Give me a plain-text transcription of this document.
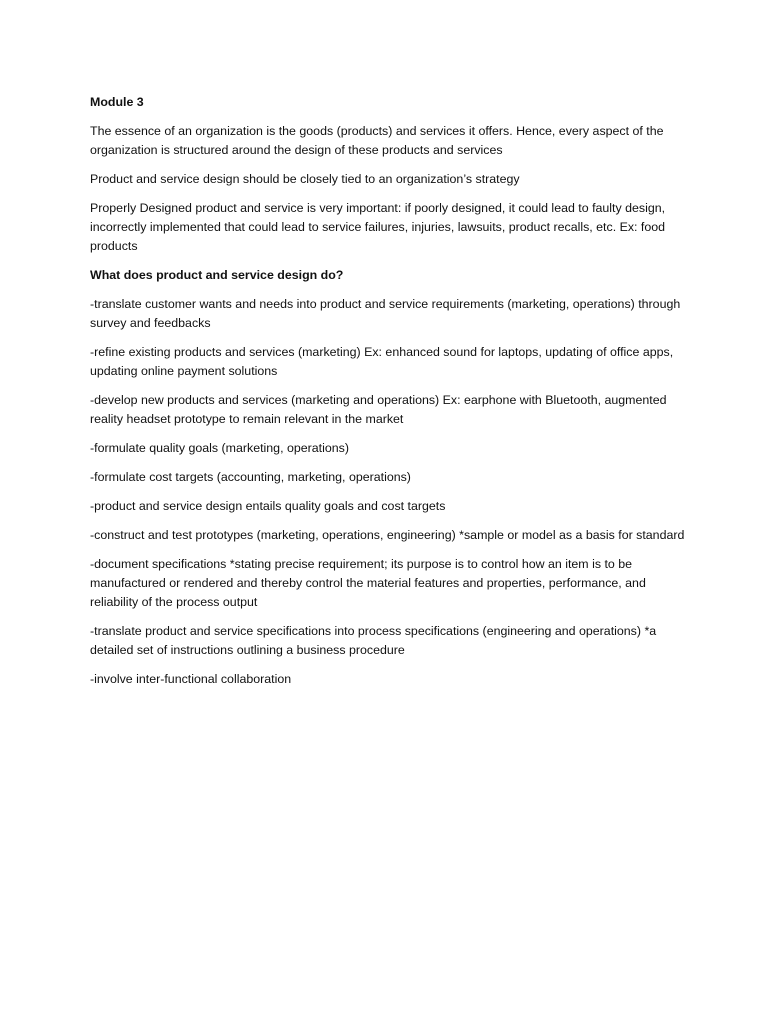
Module 3

The essence of an organization is the goods (products) and services it offers. Hence, every aspect of the organization is structured around the design of these products and services

Product and service design should be closely tied to an organization’s strategy

Properly Designed product and service is very important: if poorly designed, it could lead to faulty design, incorrectly implemented that could lead to service failures, injuries, lawsuits, product recalls, etc. Ex: food products

What does product and service design do?

-translate customer wants and needs into product and service requirements (marketing, operations) through survey and feedbacks

-refine existing products and services (marketing) Ex: enhanced sound for laptops, updating of office apps, updating online payment solutions

-develop new products and services (marketing and operations) Ex: earphone with Bluetooth, augmented reality headset prototype to remain relevant in the market

-formulate quality goals (marketing, operations)

-formulate cost targets (accounting, marketing, operations)

-product and service design entails quality goals and cost targets

-construct and test prototypes (marketing, operations, engineering) *sample or model as a basis for standard

-document specifications *stating precise requirement; its purpose is to control how an item is to be manufactured or rendered and thereby control the material features and properties, performance, and reliability of the process output

-translate product and service specifications into process specifications (engineering and operations) *a detailed set of instructions outlining a business procedure

-involve inter-functional collaboration
